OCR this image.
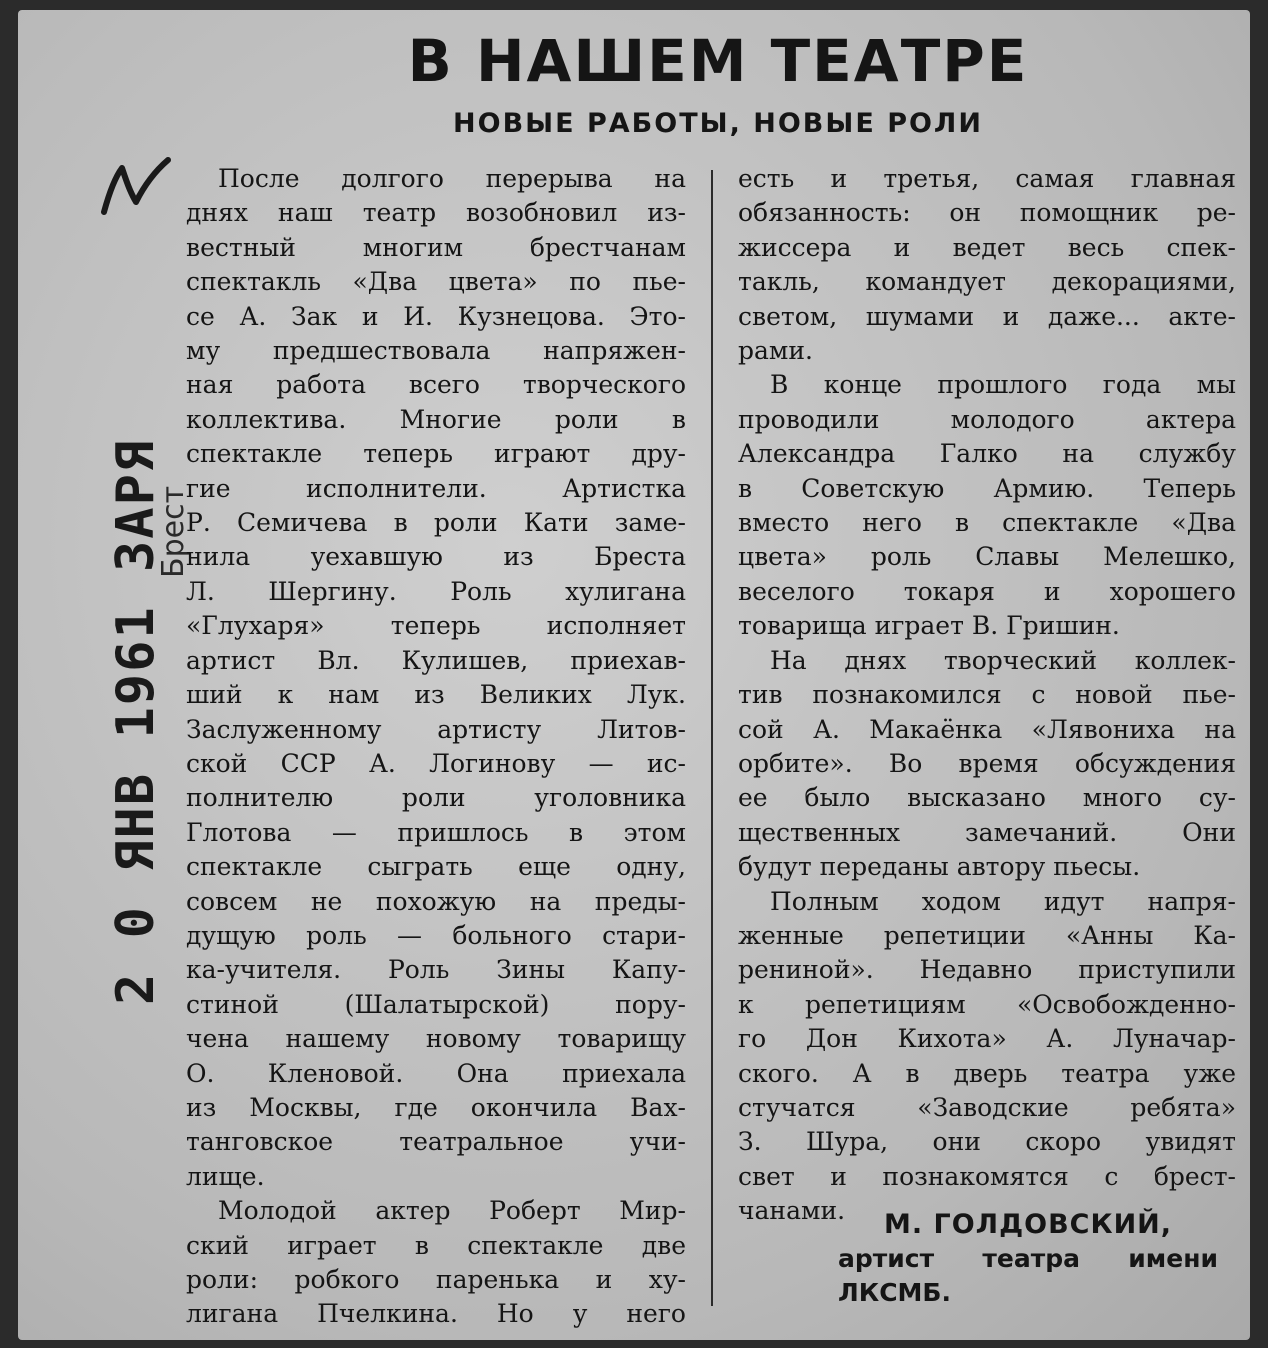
2 0 ЯНВ 1961 ЗАРЯ
Брест
В НАШЕМ ТЕАТРЕ
НОВЫЕ РАБОТЫ, НОВЫЕ РОЛИ

После долгого перерыва на

днях наш театр возобновил из-

вестный многим брестчанам

спектакль «Два цвета» по пье-

се А. Зак и И. Кузнецова. Это-

му предшествовала напряжен-

ная работа всего творческого

коллектива. Многие роли в

спектакле теперь играют дру-

гие исполнители. Артистка

Р. Семичева в роли Кати заме-

нила уехавшую из Бреста

Л. Шергину. Роль хулигана

«Глухаря» теперь исполняет

артист Вл. Кулишев, приехав-

ший к нам из Великих Лук.

Заслуженному артисту Литов-

ской ССР А. Логинову — ис-

полнителю роли уголовника

Глотова — пришлось в этом

спектакле сыграть еще одну,

совсем не похожую на преды-

дущую роль — больного стари-

ка-учителя. Роль Зины Капу-

стиной (Шалатырской) пору-

чена нашему новому товарищу

О. Кленовой. Она приехала

из Москвы, где окончила Вах-

танговское театральное учи-

лище.

Молодой актер Роберт Мир-

ский играет в спектакле две

роли: робкого паренька и ху-

лигана Пчелкина. Но у него

есть и третья, самая главная

обязанность: он помощник ре-

жиссера и ведет весь спек-

такль, командует декорациями,

светом, шумами и даже... акте-

рами.

В конце прошлого года мы

проводили молодого актера

Александра Галко на службу

в Советскую Армию. Теперь

вместо него в спектакле «Два

цвета» роль Славы Мелешко,

веселого токаря и хорошего

товарища играет В. Гришин.

На днях творческий коллек-

тив познакомился с новой пье-

сой А. Макаёнка «Лявониха на

орбите». Во время обсуждения

ее было высказано много су-

щественных замечаний. Они

будут переданы автору пьесы.

Полным ходом идут напря-

женные репетиции «Анны Ка-

рениной». Недавно приступили

к репетициям «Освобожденно-

го Дон Кихота» А. Луначар-

ского. А в дверь театра уже

стучатся «Заводские ребята»

З. Шура, они скоро увидят

свет и познакомятся с брест-

чанами.	М. ГОЛДОВСКИЙ,
артист театра имени
ЛКСМБ.
